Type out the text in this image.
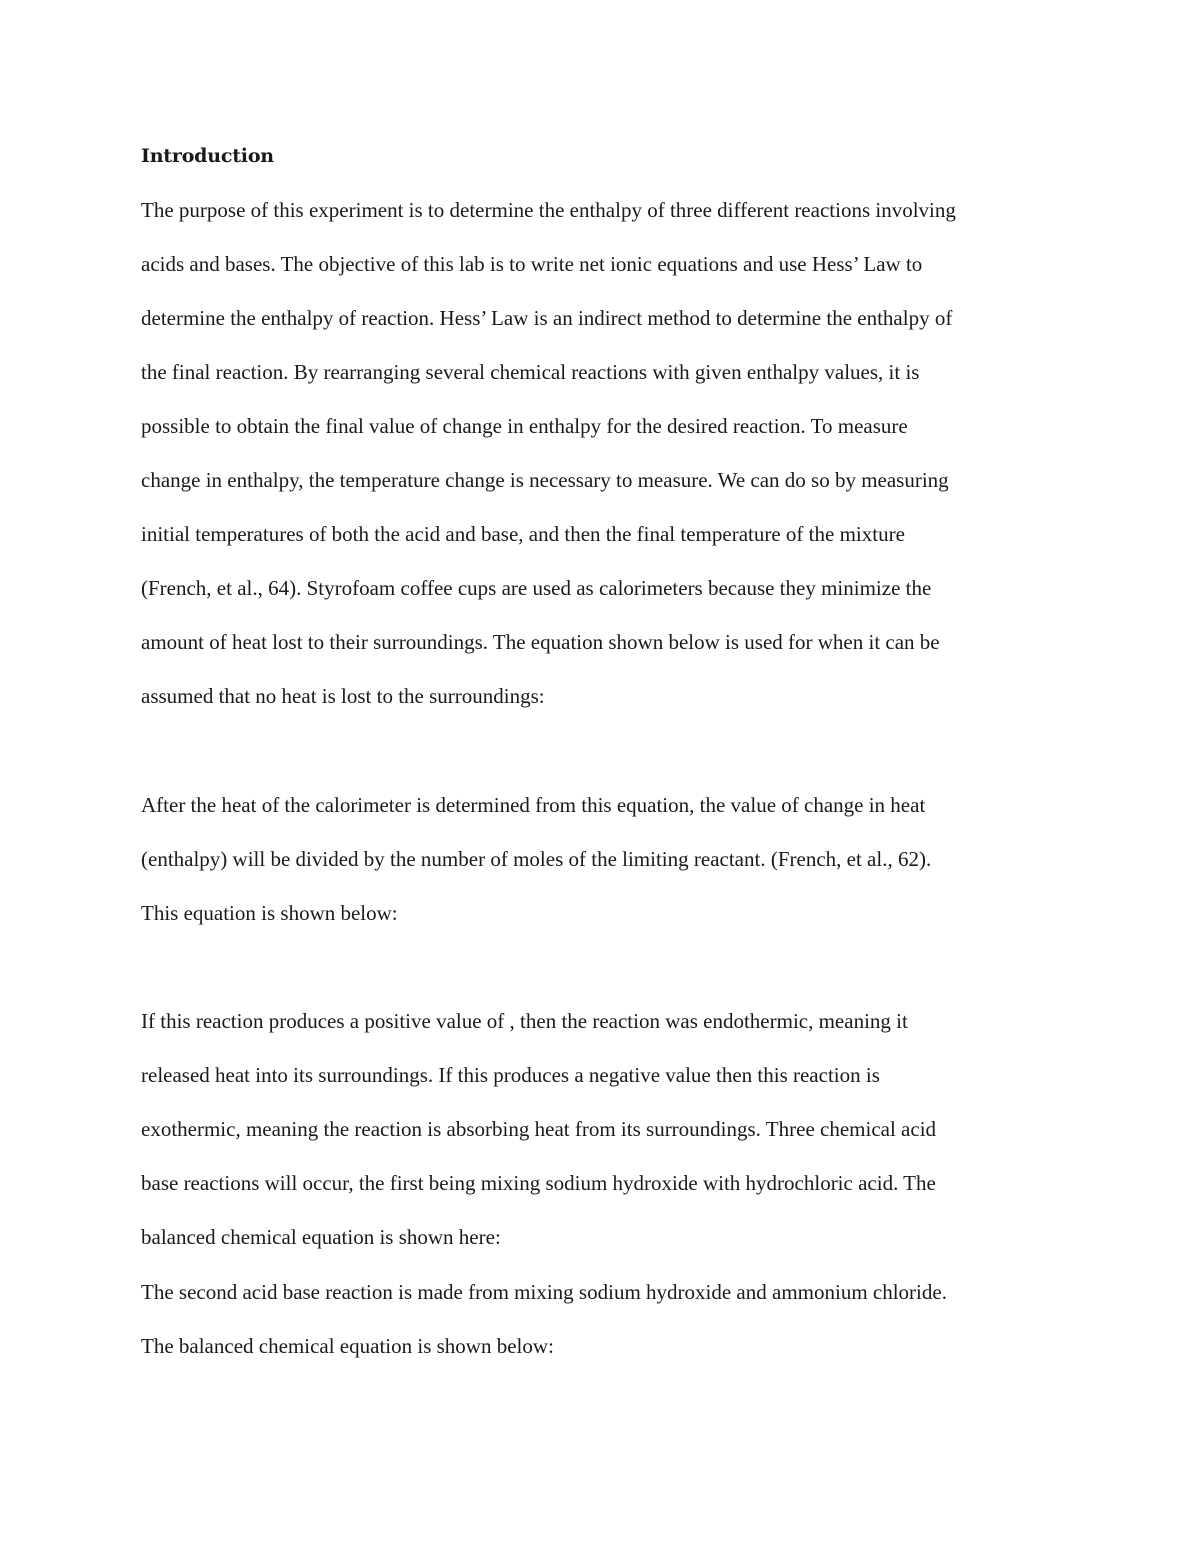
Introduction
The purpose of this experiment is to determine the enthalpy of three different reactions involving
acids and bases. The objective of this lab is to write net ionic equations and use Hess’ Law to
determine the enthalpy of reaction. Hess’ Law is an indirect method to determine the enthalpy of
the final reaction. By rearranging several chemical reactions with given enthalpy values, it is
possible to obtain the final value of change in enthalpy for the desired reaction. To measure
change in enthalpy, the temperature change is necessary to measure. We can do so by measuring
initial temperatures of both the acid and base, and then the final temperature of the mixture
(French, et al., 64). Styrofoam coffee cups are used as calorimeters because they minimize the
amount of heat lost to their surroundings. The equation shown below is used for when it can be
assumed that no heat is lost to the surroundings:
After the heat of the calorimeter is determined from this equation, the value of change in heat
(enthalpy) will be divided by the number of moles of the limiting reactant. (French, et al., 62).
This equation is shown below:
If this reaction produces a positive value of , then the reaction was endothermic, meaning it
released heat into its surroundings. If this produces a negative value then this reaction is
exothermic, meaning the reaction is absorbing heat from its surroundings. Three chemical acid
base reactions will occur, the first being mixing sodium hydroxide with hydrochloric acid. The
balanced chemical equation is shown here:
The second acid base reaction is made from mixing sodium hydroxide and ammonium chloride.
The balanced chemical equation is shown below:
